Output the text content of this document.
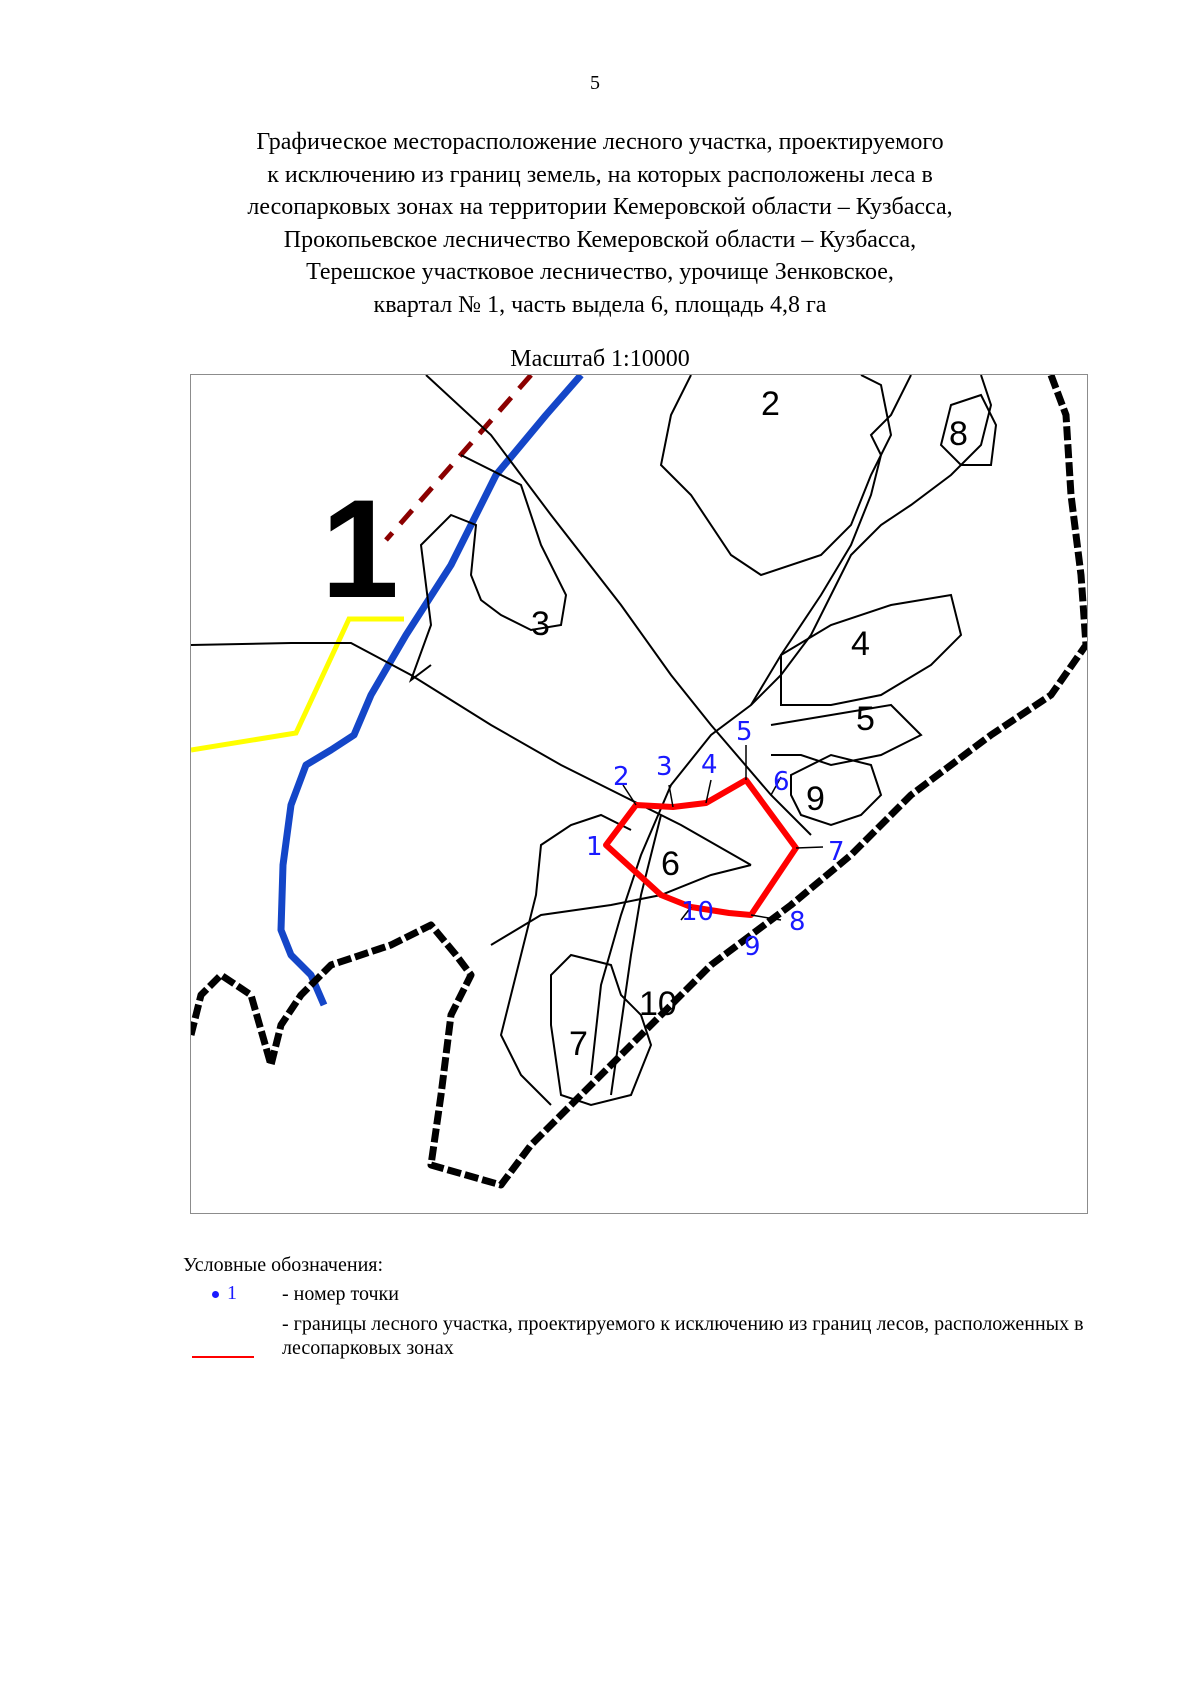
5
Графическое месторасположение лесного участка, проектируемого
к исключению из границ земель, на которых расположены леса в
лесопарковых зонах на территории Кемеровской области – Кузбасса,
Прокопьевское лесничество Кемеровской области – Кузбасса,
Терешское участковое лесничество, урочище Зенковское,
квартал № 1, часть выдела 6, площадь 4,8 га
Масштаб 1:10000
1
2
8
3
4
5
9
6
7
10
1
2 3 4
5
6
7
8
9
10
Условные обозначения:
1	- номер точки
- границы лесного участка, проектируемого к исключению из границ лесов, расположенных в лесопарковых зонах
